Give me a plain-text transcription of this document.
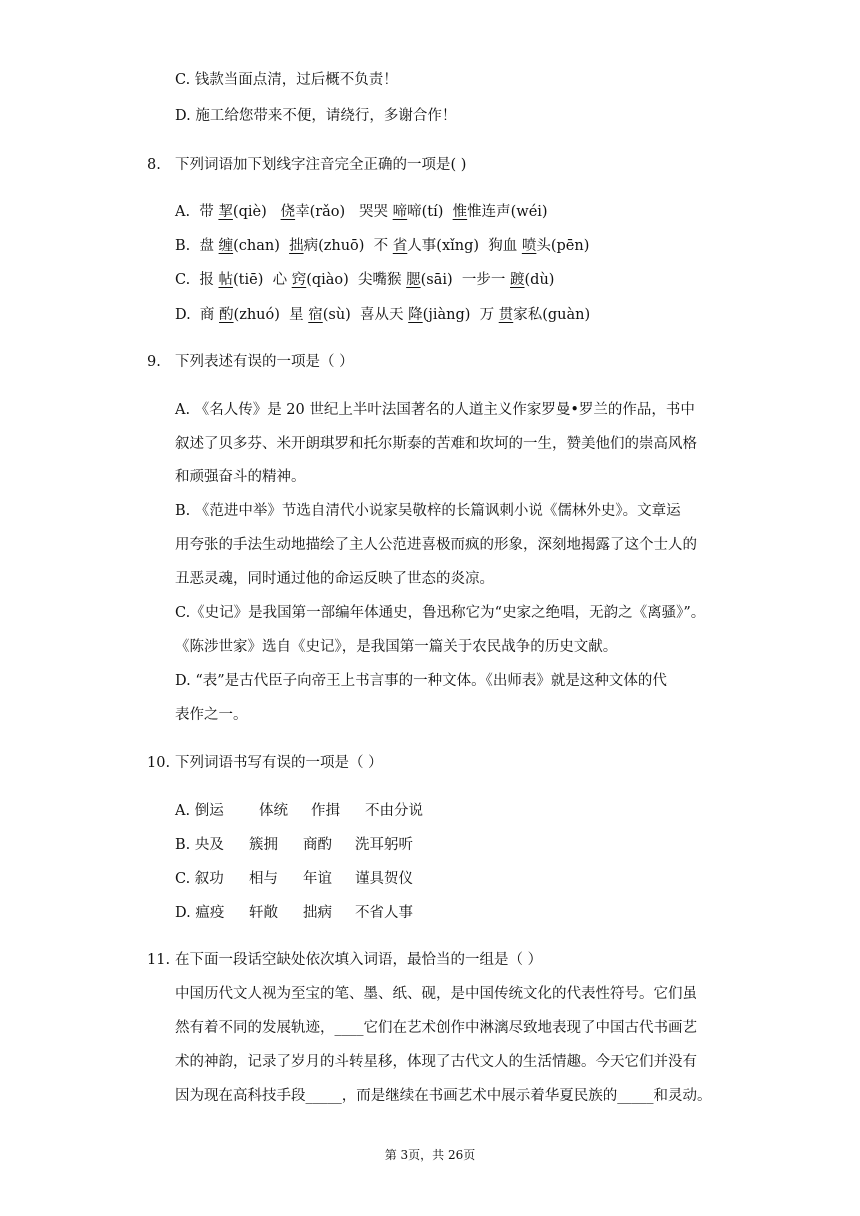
C. 钱款当面点清，过后概不负责！
D. 施工给您带来不便，请绕行，多谢合作！
8. 下列词语加下划线字注音完全正确的一项是( )
A.  带 挈(qiè)   侥幸(rǎo)   哭哭 啼啼(tí)  惟惟连声(wéi)
B.  盘 缠(chan)  拙病(zhuō)  不 省人事(xǐng)  狗血 喷头(pēn)
C.  报 帖(tiē)  心 窍(qiào)  尖嘴猴 腮(sāi)  一步一 踱(dù)
D.  商 酌(zhuó)  星 宿(sù)  喜从天 降(jiàng)  万 贯家私(guàn)
9. 下列表述有误的一项是（ ）
A. 《名人传》是 20 世纪上半叶法国著名的人道主义作家罗曼•罗兰的作品，书中
叙述了贝多芬、米开朗琪罗和托尔斯泰的苦难和坎坷的一生，赞美他们的崇高风格
和顽强奋斗的精神。
B. 《范进中举》节选自清代小说家吴敬梓的长篇讽刺小说《儒林外史》。文章运
用夸张的手法生动地描绘了主人公范进喜极而疯的形象，深刻地揭露了这个士人的
丑恶灵魂，同时通过他的命运反映了世态的炎凉。
C.《史记》是我国第一部编年体通史，鲁迅称它为“史家之绝唱，无韵之《离骚》”。
《陈涉世家》选自《史记》，是我国第一篇关于农民战争的历史文献。
D. “表”是古代臣子向帝王上书言事的一种文体。《出师表》就是这种文体的代
表作之一。
10. 下列词语书写有误的一项是（ ）
A. 倒运 体统 作揖 不由分说
B. 央及 簇拥 商酌 洗耳躬听
C. 叙功 相与 年谊 谨具贺仪
D. 瘟疫 轩敞 拙病 不省人事
11. 在下面一段话空缺处依次填入词语，最恰当的一组是（ ）
中国历代文人视为至宝的笔、墨、纸、砚，是中国传统文化的代表性符号。它们虽
然有着不同的发展轨迹，____它们在艺术创作中淋漓尽致地表现了中国古代书画艺
术的神韵，记录了岁月的斗转星移，体现了古代文人的生活情趣。今天它们并没有
因为现在高科技手段_____，而是继续在书画艺术中展示着华夏民族的_____和灵动。
第 3页，共 26页
